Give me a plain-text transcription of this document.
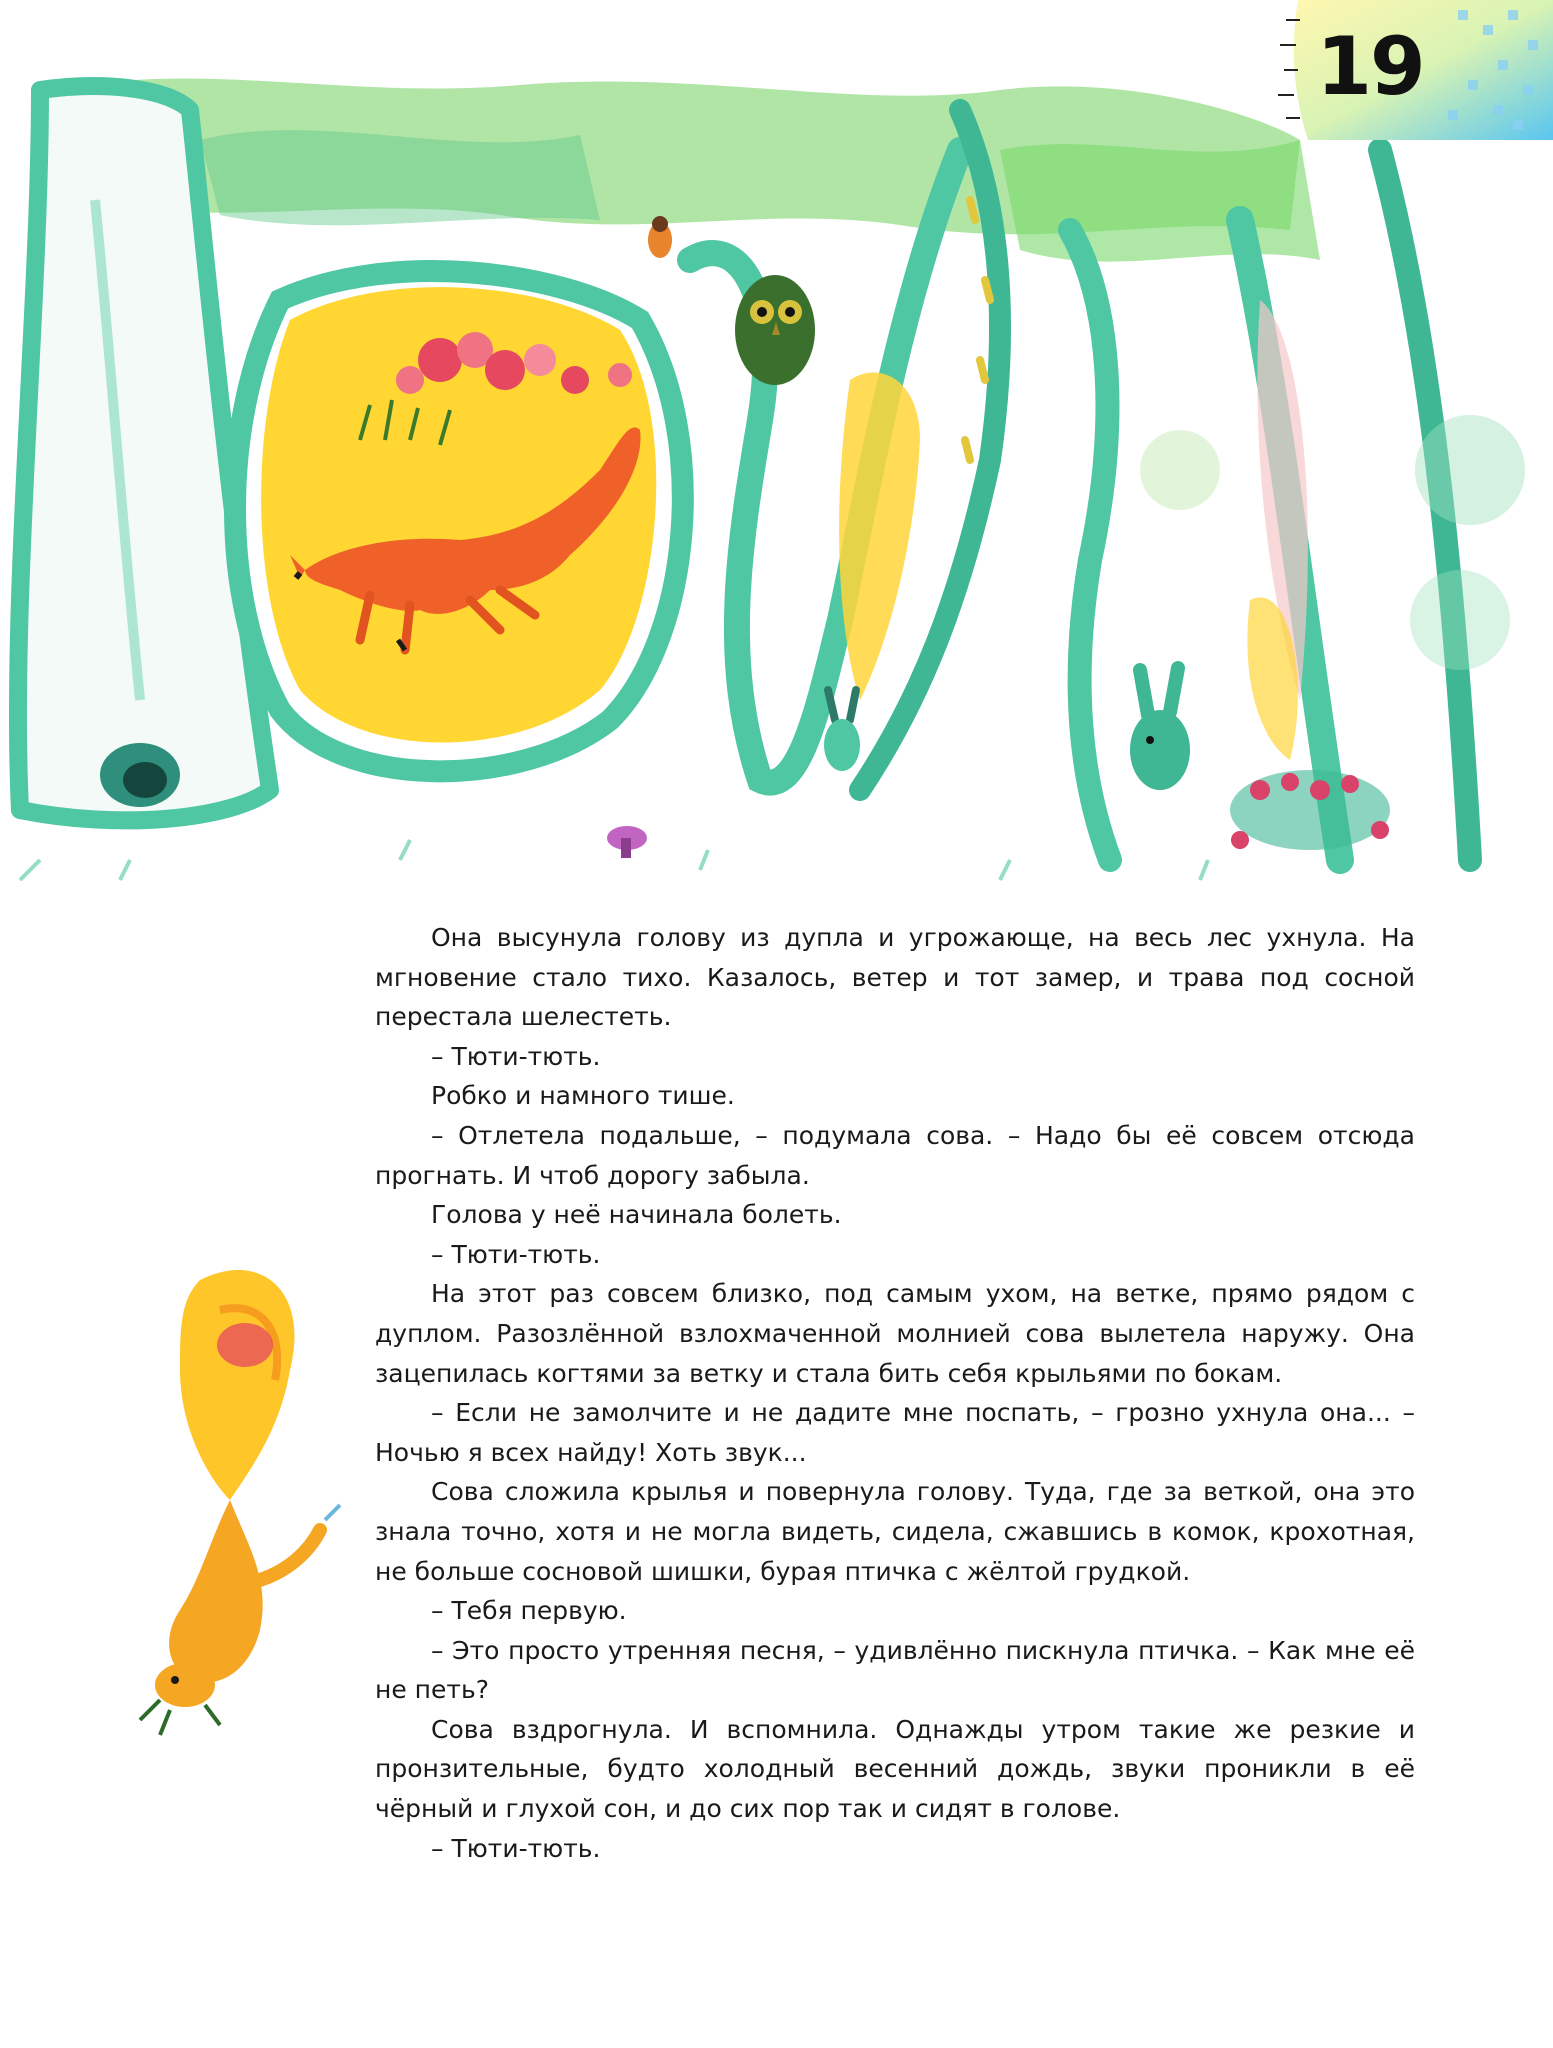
19

Она высунула голову из дупла и угрожающе, на весь лес ухнула. На мгновение стало тихо. Казалось, ветер и тот замер, и трава под сосной перестала шелестеть.

– Тюти-тють.

Робко и намного тише.

– Отлетела подальше, – подумала сова. – Надо бы её совсем отсюда прогнать. И чтоб дорогу забыла.

Голова у неё начинала болеть.

– Тюти-тють.

На этот раз совсем близко, под самым ухом, на ветке, прямо рядом с дуплом. Разозлённой взлохмаченной молнией сова вылетела наружу. Она зацепилась когтями за ветку и стала бить себя крыльями по бокам.

– Если не замолчите и не дадите мне поспать, – грозно ухнула она... – Ночью я всех найду! Хоть звук...

Сова сложила крылья и повернула голову. Туда, где за веткой, она это знала точно, хотя и не могла видеть, сидела, сжавшись в комок, крохотная, не больше сосновой шишки, бурая птичка с жёлтой грудкой.

– Тебя первую.

– Это просто утренняя песня, – удивлённо пискнула птичка. – Как мне её не петь?

Сова вздрогнула. И вспомнила. Однажды утром такие же резкие и пронзительные, будто холодный весенний дождь, звуки проникли в её чёрный и глухой сон, и до сих пор так и сидят в голове.

– Тюти-тють.
